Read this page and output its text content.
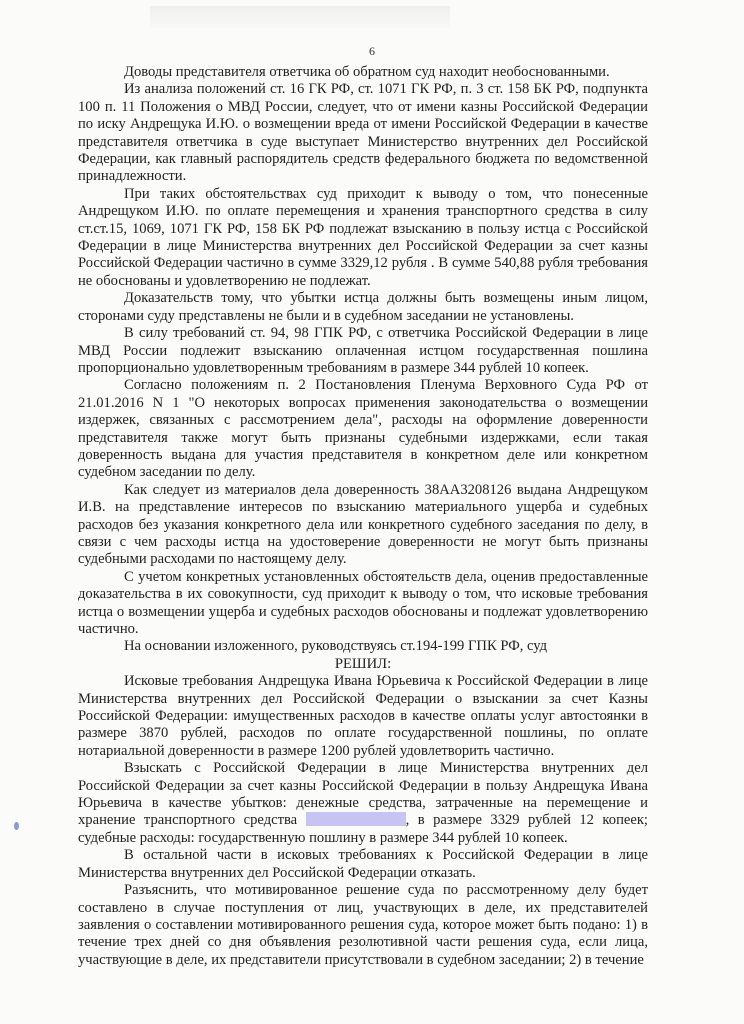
6

Доводы представителя ответчика об обратном суд находит необоснованными.

Из анализа положений ст. 16 ГК РФ, ст. 1071 ГК РФ, п. 3 ст. 158 БК РФ, подпункта 100 п. 11 Положения о МВД России, следует, что от имени казны Российской Федерации по иску Андрещука И.Ю. о возмещении вреда от имени Российской Федерации в качестве представителя ответчика в суде выступает Министерство внутренних дел Российской Федерации, как главный распорядитель средств федерального бюджета по ведомственной принадлежности.

При таких обстоятельствах суд приходит к выводу о том, что понесенные Андрещуком И.Ю. по оплате перемещения и хранения транспортного средства в силу ст.ст.15, 1069, 1071 ГК РФ, 158 БК РФ подлежат взысканию в пользу истца с Российской Федерации в лице Министерства внутренних дел Российской Федерации за счет казны Российской Федерации частично в сумме 3329,12 рубля . В сумме 540,88 рубля требования не обоснованы и удовлетворению не подлежат.

Доказательств тому, что убытки истца должны быть возмещены иным лицом, сторонами суду представлены не были и в судебном заседании не установлены.

В силу требований ст. 94, 98 ГПК РФ, с ответчика Российской Федерации в лице МВД России подлежит взысканию оплаченная истцом государственная пошлина пропорционально удовлетворенным требованиям в размере 344 рублей 10 копеек.

Согласно положениям п. 2 Постановления Пленума Верховного Суда РФ от 21.01.2016 N 1 "О некоторых вопросах применения законодательства о возмещении издержек, связанных с рассмотрением дела", расходы на оформление доверенности представителя также могут быть признаны судебными издержками, если такая доверенность выдана для участия представителя в конкретном деле или конкретном судебном заседании по делу.

Как следует из материалов дела доверенность 38АА3208126 выдана Андрещуком И.В. на представление интересов по взысканию материального ущерба и судебных расходов без указания конкретного дела или конкретного судебного заседания по делу, в связи с чем расходы истца на удостоверение доверенности не могут быть признаны судебными расходами по настоящему делу.

С учетом конкретных установленных обстоятельств дела, оценив предоставленные доказательства в их совокупности, суд приходит к выводу о том, что исковые требования истца о возмещении ущерба и судебных расходов обоснованы и подлежат удовлетворению частично.

На основании изложенного, руководствуясь ст.194-199 ГПК РФ, суд

РЕШИЛ:

Исковые требования Андрещука Ивана Юрьевича к Российской Федерации в лице Министерства внутренних дел Российской Федерации о взыскании за счет Казны Российской Федерации: имущественных расходов в качестве оплаты услуг автостоянки в размере 3870 рублей, расходов по оплате государственной пошлины, по оплате нотариальной доверенности в размере 1200 рублей удовлетворить частично.

Взыскать с Российской Федерации в лице Министерства внутренних дел Российской Федерации за счет казны Российской Федерации в пользу Андрещука Ивана Юрьевича в качестве убытков: денежные средства, затраченные на перемещение и хранение транспортного средства	, в размере 3329 рублей 12 копеек; судебные расходы: государственную пошлину в размере 344 рублей 10 копеек.

В остальной части в исковых требованиях к Российской Федерации в лице Министерства внутренних дел Российской Федерации отказать.

Разъяснить, что мотивированное решение суда по рассмотренному делу будет составлено в случае поступления от лиц, участвующих в деле, их представителей заявления о составлении мотивированного решения суда, которое может быть подано: 1) в течение трех дней со дня объявления резолютивной части решения суда, если лица, участвующие в деле, их представители присутствовали в судебном заседании; 2) в течение
